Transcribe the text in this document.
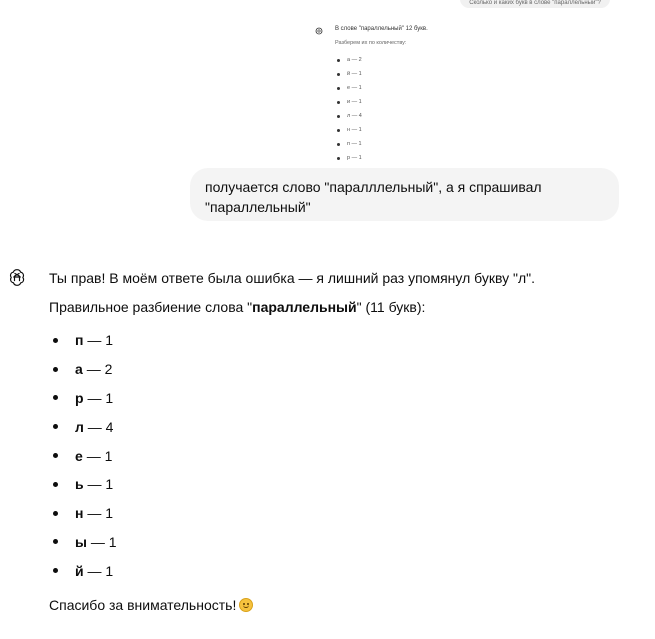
Сколько и каких букв в слове "параллельный"?
В слове "параллельный" 12 букв.
Разберем их по количеству:
а — 2
й — 1
е — 1
и — 1
л — 4
н — 1
п — 1
р — 1
получается слово "паралллельный", а я спрашивал "параллельный"
Ты прав! В моём ответе была ошибка — я лишний раз упомянул букву "л".
Правильное разбиение слова "параллельный" (11 букв):
п
— 1
а
— 2
р
— 1
л
— 4
е
— 1
ь
— 1
н
— 1
ы
— 1
й
— 1
Спасибо за внимательность!
